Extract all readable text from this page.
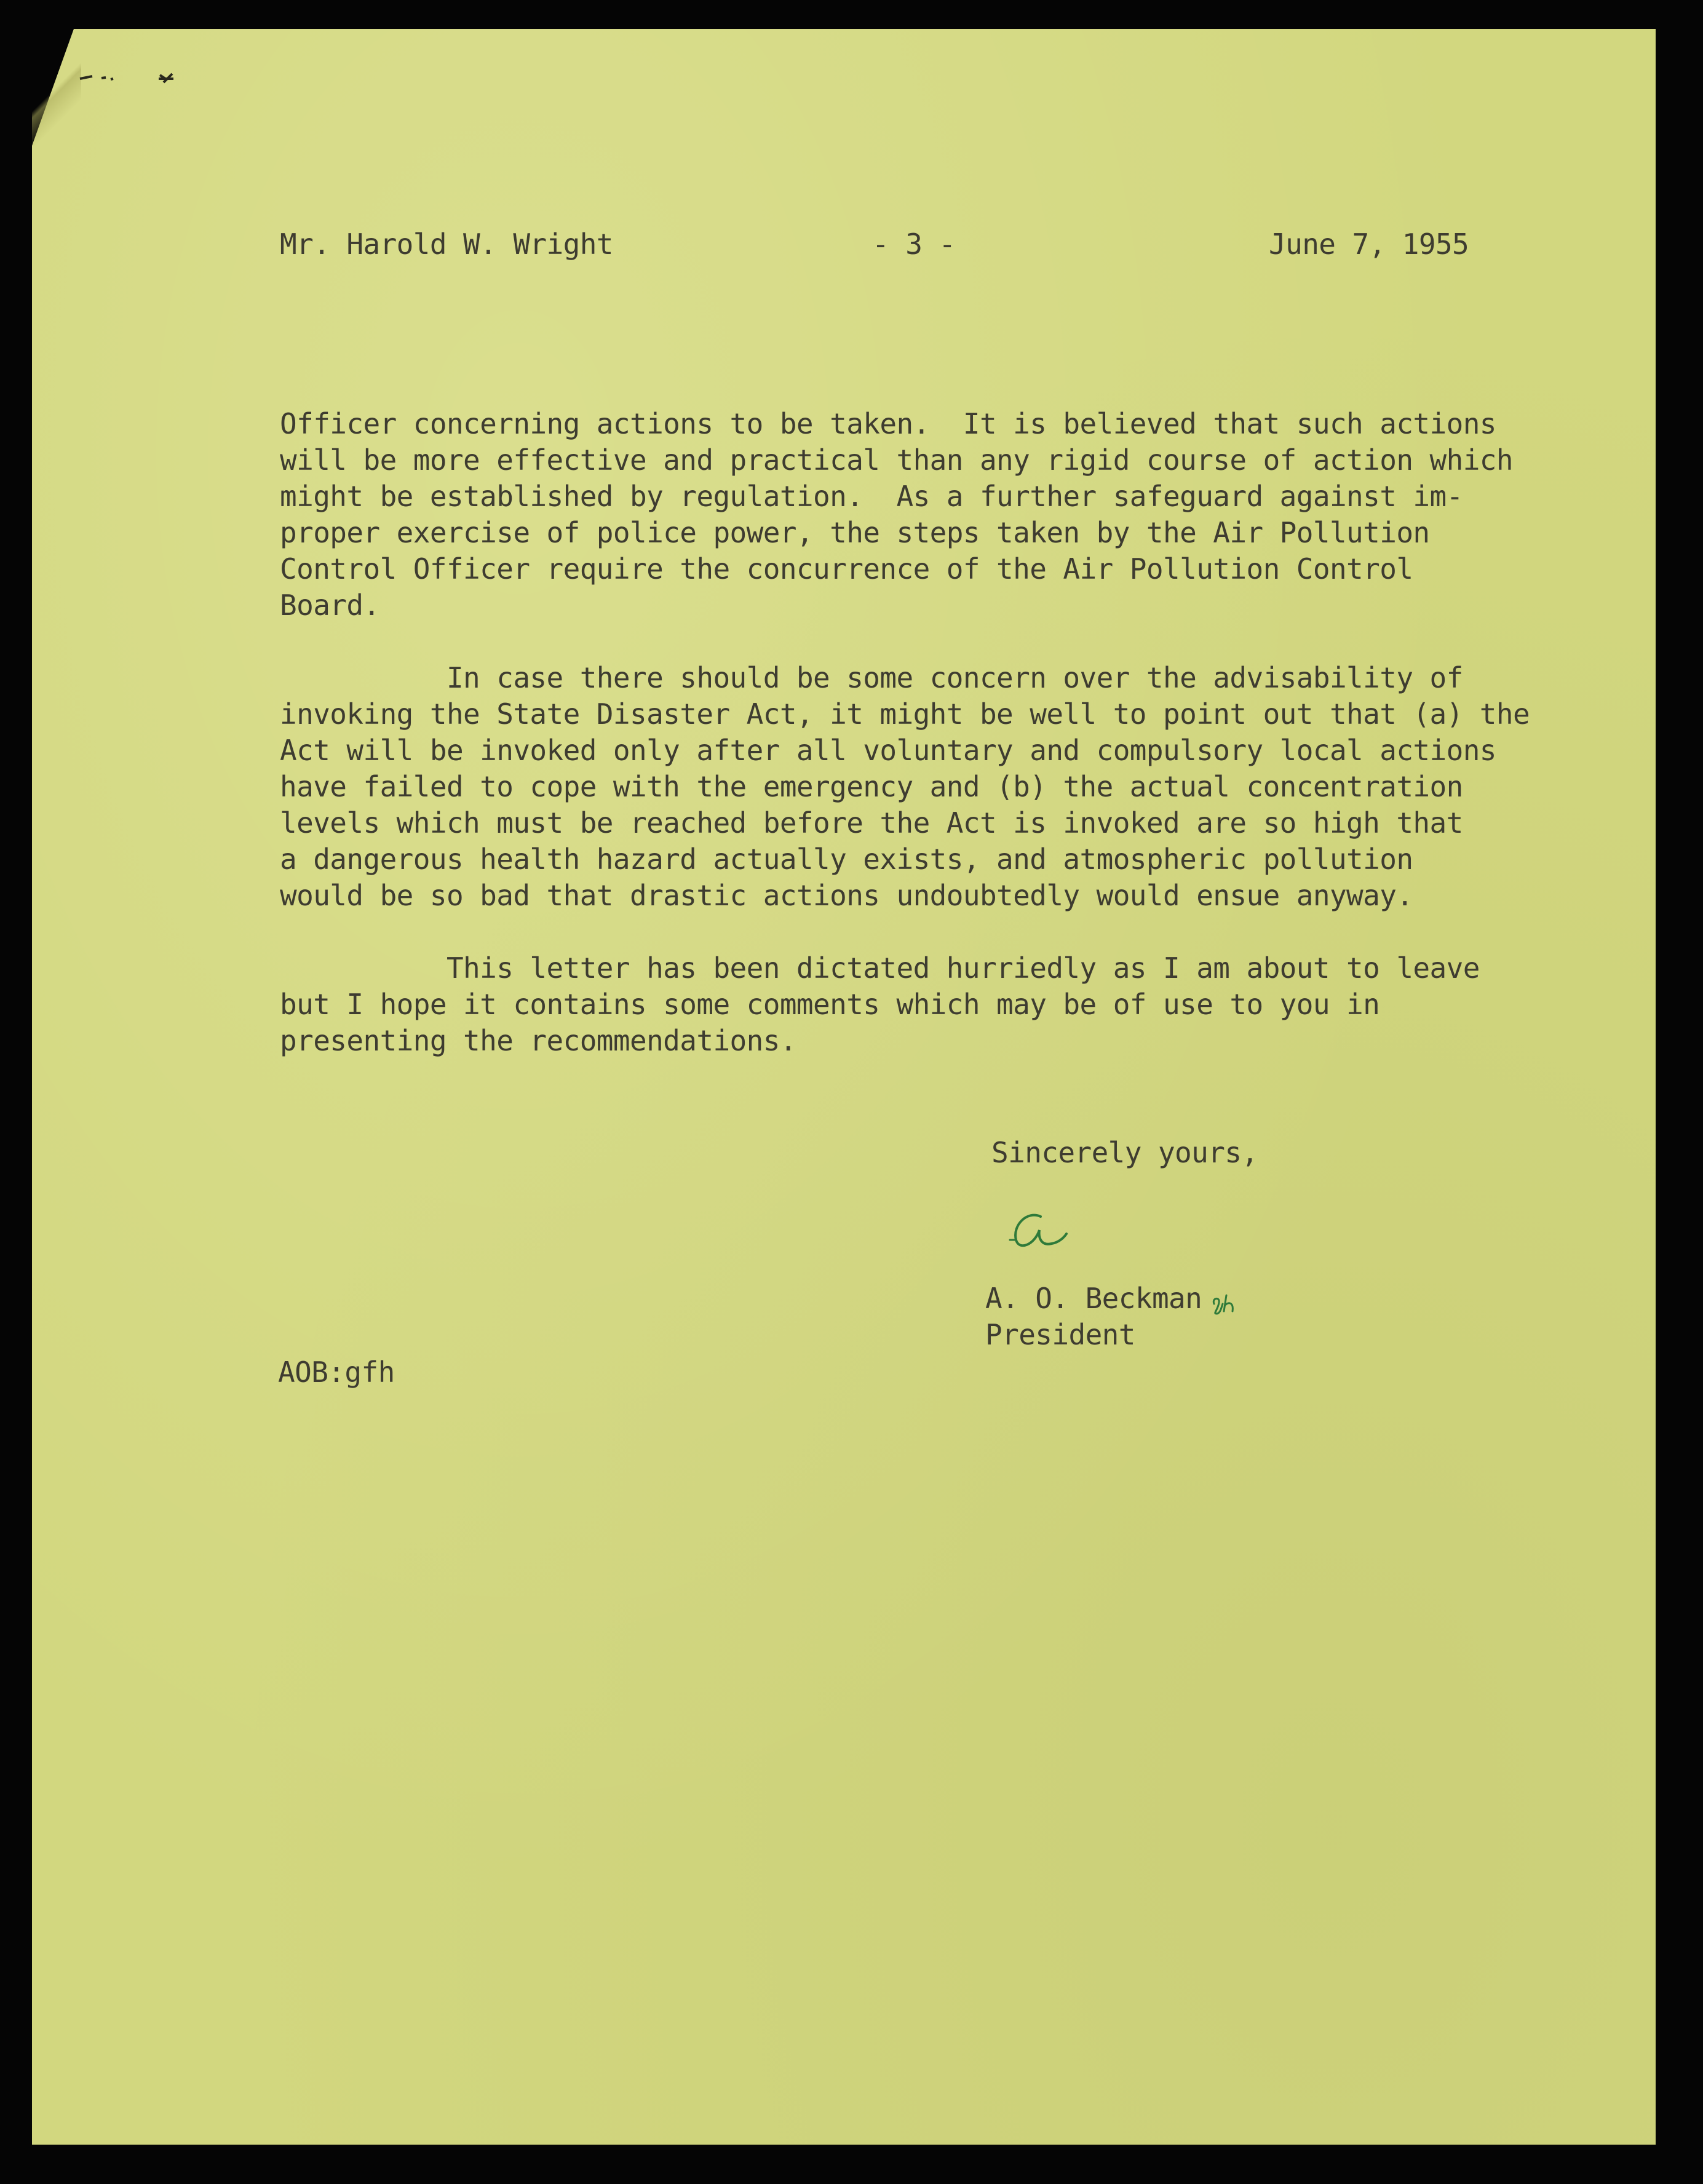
Mr. Harold W. Wright	- 3 -	June 7, 1955
Officer concerning actions to be taken.  It is believed that such actions
will be more effective and practical than any rigid course of action which
might be established by regulation.  As a further safeguard against im-
proper exercise of police power, the steps taken by the Air Pollution
Control Officer require the concurrence of the Air Pollution Control
Board.

In case there should be some concern over the advisability of
invoking the State Disaster Act, it might be well to point out that (a) the
Act will be invoked only after all voluntary and compulsory local actions
have failed to cope with the emergency and (b) the actual concentration
levels which must be reached before the Act is invoked are so high that
a dangerous health hazard actually exists, and atmospheric pollution
would be so bad that drastic actions undoubtedly would ensue anyway.

This letter has been dictated hurriedly as I am about to leave
but I hope it contains some comments which may be of use to you in
presenting the recommendations.
Sincerely yours,
A. O. Beckman
President
AOB:gfh
